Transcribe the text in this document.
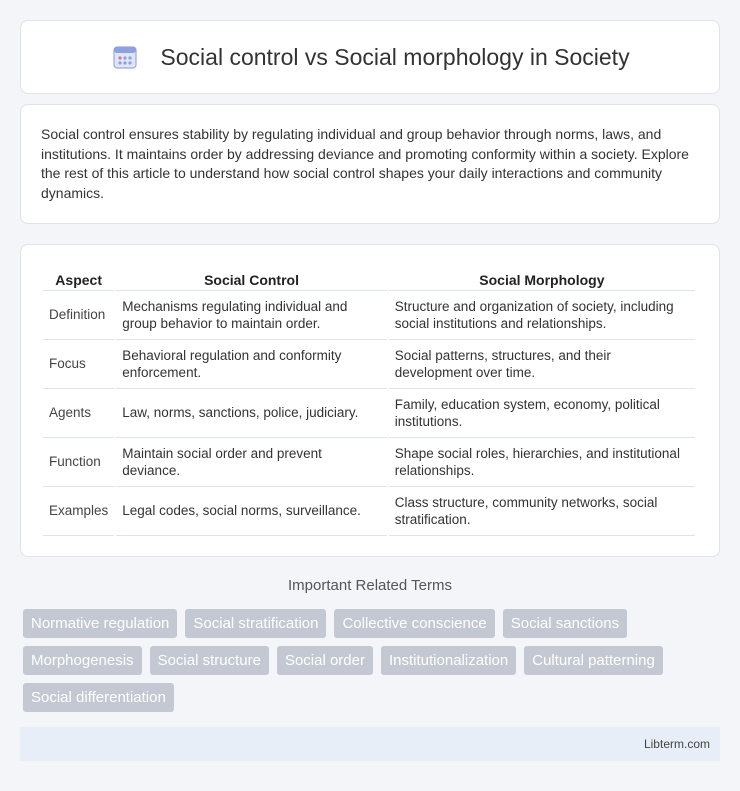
Social control vs Social morphology in Society

Social control ensures stability by regulating individual and group behavior through norms, laws, and institutions. It maintains order by addressing deviance and promoting conformity within a society. Explore the rest of this article to understand how social control shapes your daily interactions and community dynamics.

Aspect	Social Control	Social Morphology
Definition	Mechanisms regulating individual and group behavior to maintain order.	Structure and organization of society, including social institutions and relationships.
Focus	Behavioral regulation and conformity enforcement.	Social patterns, structures, and their development over time.
Agents	Law, norms, sanctions, police, judiciary.	Family, education system, economy, political institutions.
Function	Maintain social order and prevent deviance.	Shape social roles, hierarchies, and institutional relationships.
Examples	Legal codes, social norms, surveillance.	Class structure, community networks, social stratification.
Important Related Terms
Normative regulation	Social stratification	Collective conscience	Social sanctions
Morphogenesis	Social structure	Social order	Institutionalization	Cultural patterning
Social differentiation
Libterm.com
